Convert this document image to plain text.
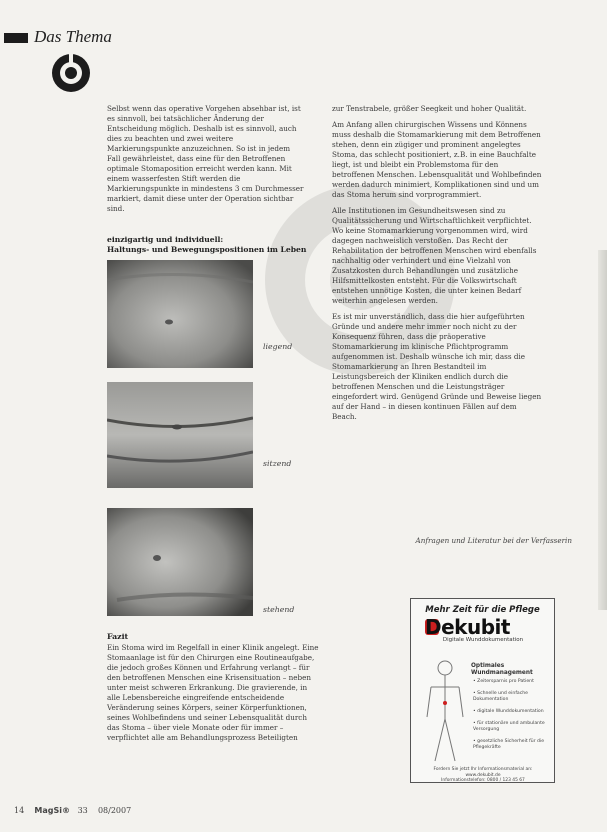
Das Thema

Selbst wenn das operative Vorgehen absehbar ist, ist es sinnvoll, bei tatsächlicher Änderung der Entscheidung möglich. Deshalb ist es sinnvoll, auch dies zu beachten und zwei weitere Markierungspunkte anzuzeichnen. So ist in jedem Fall gewährleistet, dass eine für den Betroffenen optimale Stomaposition erreicht werden kann. Mit einem wasserfesten Stift werden die Markierungspunkte in mindestens 3 cm Durchmesser markiert, damit diese unter der Operation sichtbar sind.

einzigartig und individuell:
Haltungs- und Bewegungspositionen im Leben
liegend
sitzend
stehend
Fazit

Ein Stoma wird im Regelfall in einer Klinik angelegt. Eine Stomaanlage ist für den Chirurgen eine Routineaufgabe, die jedoch großes Können und Erfahrung verlangt – für den betroffenen Menschen eine Krisensituation – neben unter meist schweren Erkrankung. Die gravierende, in alle Lebensbereiche eingreifende entscheidende Veränderung seines Körpers, seiner Körperfunktionen, seines Wohlbefindens und seiner Lebensqualität durch das Stoma – über viele Monate oder für immer – verpflichtet alle am Behandlungsprozess Beteiligten

zur Tenstrabele, größer Seegkeit und hoher Qualität.

Am Anfang allen chirurgischen Wissens und Könnens muss deshalb die Stomamarkierung mit dem Betroffenen stehen, denn ein zügiger und prominent angelegtes Stoma, das schlecht positioniert, z.B. in eine Bauchfalte liegt, ist und bleibt ein Problemstoma für den betroffenen Menschen. Lebensqualität und Wohlbefinden werden dadurch minimiert, Komplikationen sind und um das Stoma herum sind vorprogrammiert.

Alle Institutionen im Gesundheitswesen sind zu Qualitätssicherung und Wirtschaftlichkeit verpflichtet. Wo keine Stomamarkierung vorgenommen wird, wird dagegen nachweislich verstoßen. Das Recht der Rehabilitation der betroffenen Menschen wird ebenfalls nachhaltig oder verhindert und eine Vielzahl von Zusatzkosten durch Behandlungen und zusätzliche Hilfsmittelkosten entsteht. Für die Volkswirtschaft entstehen unnötige Kosten, die unter keinen Bedarf weiterhin angelesen werden.

Es ist mir unverständlich, dass die hier aufgeführten Gründe und andere mehr immer noch nicht zu der Konsequenz führen, dass die präoperative Stomamarkierung im klinische Pflichtprogramm aufgenommen ist. Deshalb wünsche ich mir, dass die Stomamarkierung an Ihren Bestandteil im Leistungsbereich der Kliniken endlich durch die betroffenen Menschen und die Leistungsträger eingefordert wird. Genügend Gründe und Beweise liegen auf der Hand – in diesen kontinuen Fällen auf dem Beach.

Anfragen und Literatur bei der Verfasserin
Mehr Zeit für die Pflege
Dekubit
Digitale Wunddokumentation
Optimales
Wundmanagement
• Zeitersparnis pro Patient
• Schnelle und einfache Dokumentation
• digitale Wunddokumentation
• für stationäre und ambulante Versorgung
• gesetzliche Sicherheit für die Pflegekräfte
Fordern Sie jetzt Ihr Informationsmaterial an:
www.dekubit.de
Informationstelefon: 0800 / 123 45 67
14 MagSi® 33 08/2007
